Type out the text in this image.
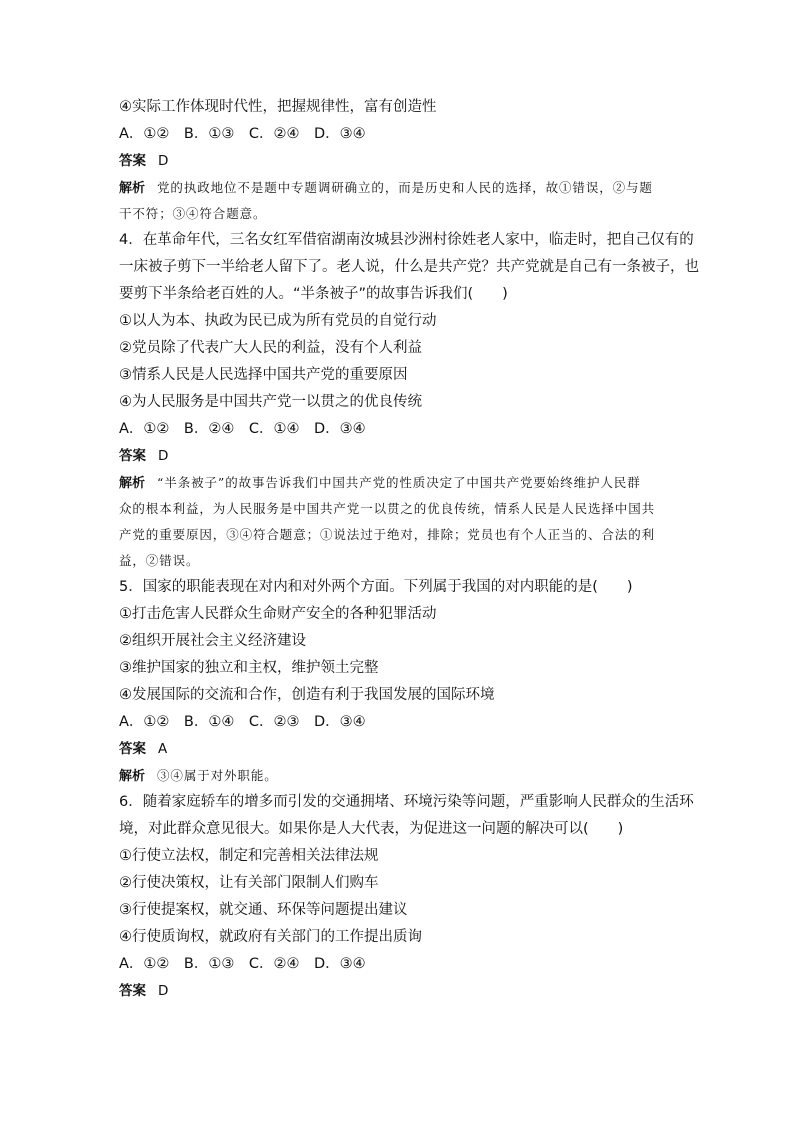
④实际工作体现时代性，把握规律性，富有创造性
A．①②　B．①③　C．②④　D．③④
答案 D
解析 党的执政地位不是题中专题调研确立的，而是历史和人民的选择，故①错误，②与题
干不符；③④符合题意。
4．在革命年代，三名女红军借宿湖南汝城县沙洲村徐姓老人家中，临走时，把自己仅有的
一床被子剪下一半给老人留下了。老人说，什么是共产党？共产党就是自己有一条被子，也
要剪下半条给老百姓的人。“半条被子”的故事告诉我们(　　)
①以人为本、执政为民已成为所有党员的自觉行动
②党员除了代表广大人民的利益，没有个人利益
③情系人民是人民选择中国共产党的重要原因
④为人民服务是中国共产党一以贯之的优良传统
A．①②　B．②④　C．①④　D．③④
答案 D
解析 “半条被子”的故事告诉我们中国共产党的性质决定了中国共产党要始终维护人民群
众的根本利益，为人民服务是中国共产党一以贯之的优良传统，情系人民是人民选择中国共
产党的重要原因，③④符合题意；①说法过于绝对，排除；党员也有个人正当的、合法的利
益，②错误。
5．国家的职能表现在对内和对外两个方面。下列属于我国的对内职能的是(　　)
①打击危害人民群众生命财产安全的各种犯罪活动
②组织开展社会主义经济建设
③维护国家的独立和主权，维护领土完整
④发展国际的交流和合作，创造有利于我国发展的国际环境
A．①②　B．①④　C．②③　D．③④
答案 A
解析 ③④属于对外职能。
6．随着家庭轿车的增多而引发的交通拥堵、环境污染等问题，严重影响人民群众的生活环
境，对此群众意见很大。如果你是人大代表，为促进这一问题的解决可以(　　)
①行使立法权，制定和完善相关法律法规
②行使决策权，让有关部门限制人们购车
③行使提案权，就交通、环保等问题提出建议
④行使质询权，就政府有关部门的工作提出质询
A．①②　B．①③　C．②④　D．③④
答案 D
